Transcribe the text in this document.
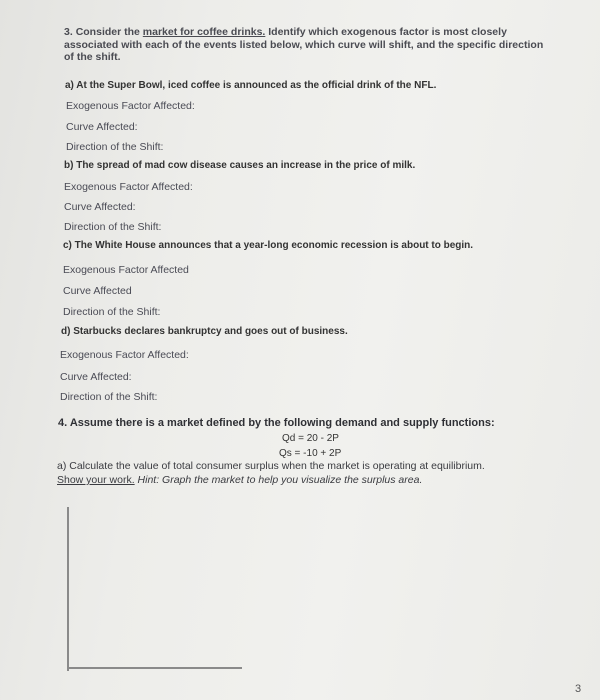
3. Consider the market for coffee drinks. Identify which exogenous factor is most closely associated with each of the events listed below, which curve will shift, and the specific direction of the shift.
a) At the Super Bowl, iced coffee is announced as the official drink of the NFL.
Exogenous Factor Affected:
Curve Affected:
Direction of the Shift:
b) The spread of mad cow disease causes an increase in the price of milk.
Exogenous Factor Affected:
Curve Affected:
Direction of the Shift:
c) The White House announces that a year-long economic recession is about to begin.
Exogenous Factor Affected
Curve Affected
Direction of the Shift:
d) Starbucks declares bankruptcy and goes out of business.
Exogenous Factor Affected:
Curve Affected:
Direction of the Shift:
4. Assume there is a market defined by the following demand and supply functions:
Qd = 20 - 2P
Qs = -10 + 2P
a) Calculate the value of total consumer surplus when the market is operating at equilibrium.
Show your work. Hint: Graph the market to help you visualize the surplus area.
3
